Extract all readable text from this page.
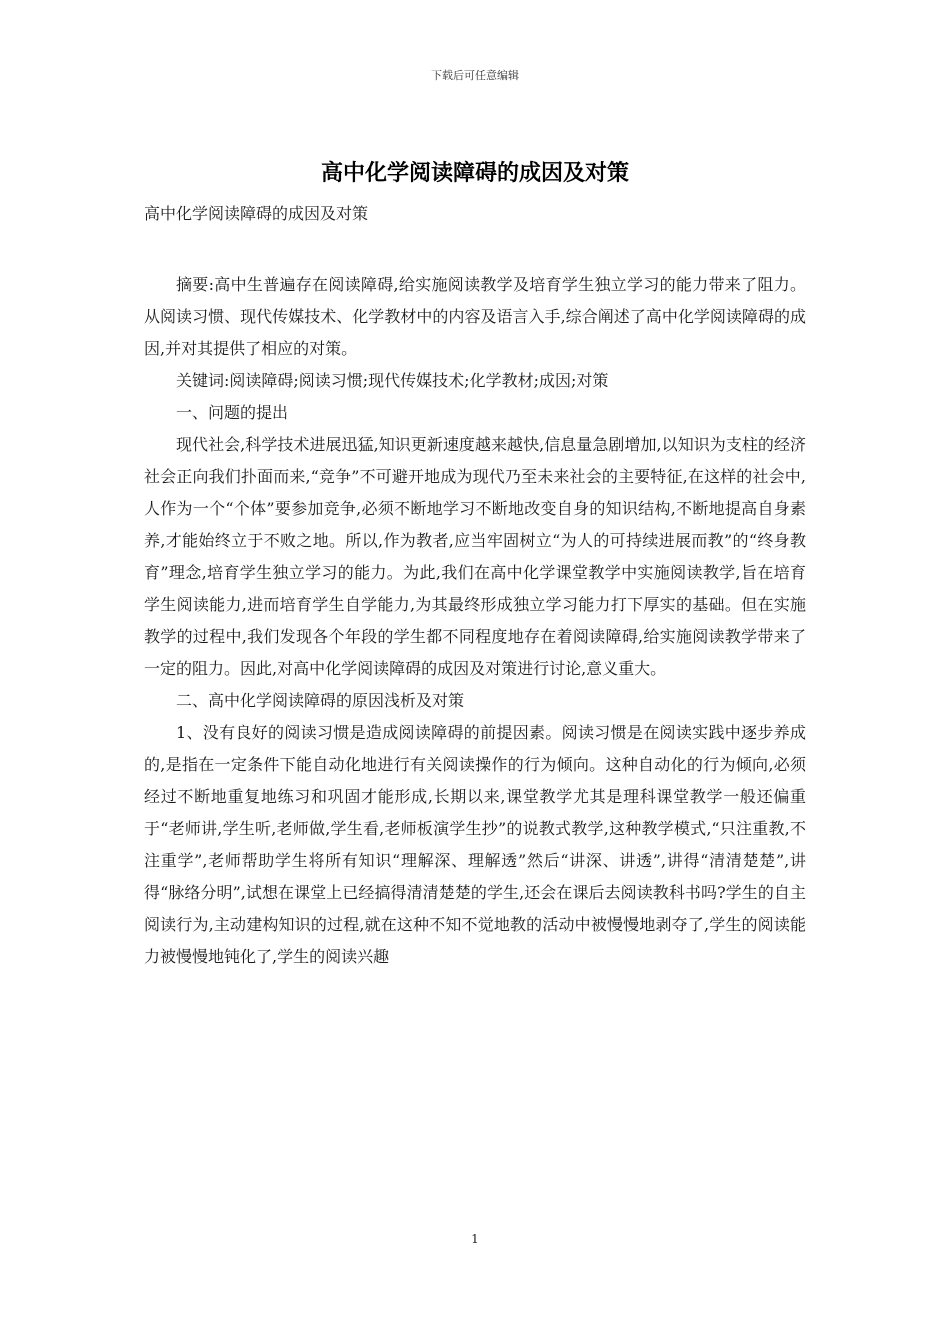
下载后可任意编辑
高中化学阅读障碍的成因及对策

高中化学阅读障碍的成因及对策

摘要:高中生普遍存在阅读障碍,给实施阅读教学及培育学生独立学习的能力带来了阻力。从阅读习惯、现代传媒技术、化学教材中的内容及语言入手,综合阐述了高中化学阅读障碍的成因,并对其提供了相应的对策。

关键词:阅读障碍;阅读习惯;现代传媒技术;化学教材;成因;对策

一、问题的提出

现代社会,科学技术进展迅猛,知识更新速度越来越快,信息量急剧增加,以知识为支柱的经济社会正向我们扑面而来,“竞争”不可避开地成为现代乃至未来社会的主要特征,在这样的社会中,人作为一个“个体”要参加竞争,必须不断地学习不断地改变自身的知识结构,不断地提高自身素养,才能始终立于不败之地。所以,作为教者,应当牢固树立“为人的可持续进展而教”的“终身教育”理念,培育学生独立学习的能力。为此,我们在高中化学课堂教学中实施阅读教学,旨在培育学生阅读能力,进而培育学生自学能力,为其最终形成独立学习能力打下厚实的基础。但在实施教学的过程中,我们发现各个年段的学生都不同程度地存在着阅读障碍,给实施阅读教学带来了一定的阻力。因此,对高中化学阅读障碍的成因及对策进行讨论,意义重大。

二、高中化学阅读障碍的原因浅析及对策

1、没有良好的阅读习惯是造成阅读障碍的前提因素。阅读习惯是在阅读实践中逐步养成的,是指在一定条件下能自动化地进行有关阅读操作的行为倾向。这种自动化的行为倾向,必须经过不断地重复地练习和巩固才能形成,长期以来,课堂教学尤其是理科课堂教学一般还偏重于“老师讲,学生听,老师做,学生看,老师板演学生抄”的说教式教学,这种教学模式,“只注重教,不注重学”,老师帮助学生将所有知识“理解深、理解透”然后“讲深、讲透”,讲得“清清楚楚”,讲得“脉络分明”,试想在课堂上已经搞得清清楚楚的学生,还会在课后去阅读教科书吗?学生的自主阅读行为,主动建构知识的过程,就在这种不知不觉地教的活动中被慢慢地剥夺了,学生的阅读能力被慢慢地钝化了,学生的阅读兴趣

1
